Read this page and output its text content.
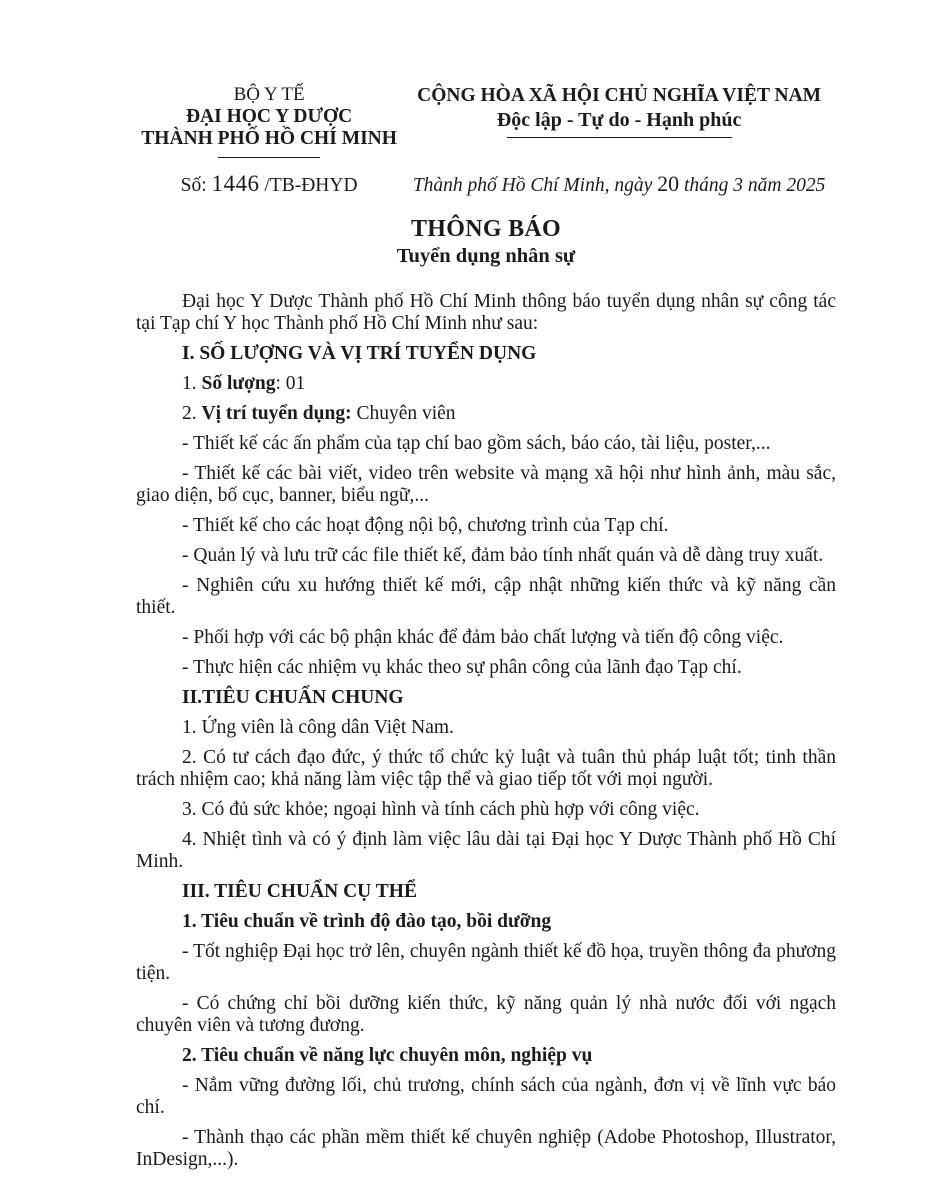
BỘ Y TẾ
ĐẠI HỌC Y DƯỢC
THÀNH PHỐ HỒ CHÍ MINH
CỘNG HÒA XÃ HỘI CHỦ NGHĨA VIỆT NAM
Độc lập - Tự do - Hạnh phúc
Số: 1446 /TB-ĐHYD	Thành phố Hồ Chí Minh, ngày 20 tháng 3 năm 2025
THÔNG BÁO
Tuyển dụng nhân sự

Đại học Y Dược Thành phố Hồ Chí Minh thông báo tuyển dụng nhân sự công tác tại Tạp chí Y học Thành phố Hồ Chí Minh như sau:

I. SỐ LƯỢNG VÀ VỊ TRÍ TUYỂN DỤNG

1. Số lượng: 01

2. Vị trí tuyển dụng: Chuyên viên

- Thiết kế các ấn phẩm của tạp chí bao gồm sách, báo cáo, tài liệu, poster,...

- Thiết kế các bài viết, video trên website và mạng xã hội như hình ảnh, màu sắc, giao diện, bố cục, banner, biểu ngữ,...

- Thiết kế cho các hoạt động nội bộ, chương trình của Tạp chí.

- Quản lý và lưu trữ các file thiết kế, đảm bảo tính nhất quán và dễ dàng truy xuất.

- Nghiên cứu xu hướng thiết kế mới, cập nhật những kiến thức và kỹ năng cần thiết.

- Phối hợp với các bộ phận khác để đảm bảo chất lượng và tiến độ công việc.

- Thực hiện các nhiệm vụ khác theo sự phân công của lãnh đạo Tạp chí.

II.TIÊU CHUẨN CHUNG

1. Ứng viên là công dân Việt Nam.

2. Có tư cách đạo đức, ý thức tổ chức kỷ luật và tuân thủ pháp luật tốt; tinh thần trách nhiệm cao; khả năng làm việc tập thể và giao tiếp tốt với mọi người.

3. Có đủ sức khỏe; ngoại hình và tính cách phù hợp với công việc.

4. Nhiệt tình và có ý định làm việc lâu dài tại Đại học Y Dược Thành phố Hồ Chí Minh.

III. TIÊU CHUẨN CỤ THỂ

1. Tiêu chuẩn về trình độ đào tạo, bồi dưỡng

- Tốt nghiệp Đại học trở lên, chuyên ngành thiết kế đồ họa, truyền thông đa phương tiện.

- Có chứng chỉ bồi dưỡng kiến thức, kỹ năng quản lý nhà nước đối với ngạch chuyên viên và tương đương.

2. Tiêu chuẩn về năng lực chuyên môn, nghiệp vụ

- Nắm vững đường lối, chủ trương, chính sách của ngành, đơn vị về lĩnh vực báo chí.

- Thành thạo các phần mềm thiết kế chuyên nghiệp (Adobe Photoshop, Illustrator, InDesign,...).
